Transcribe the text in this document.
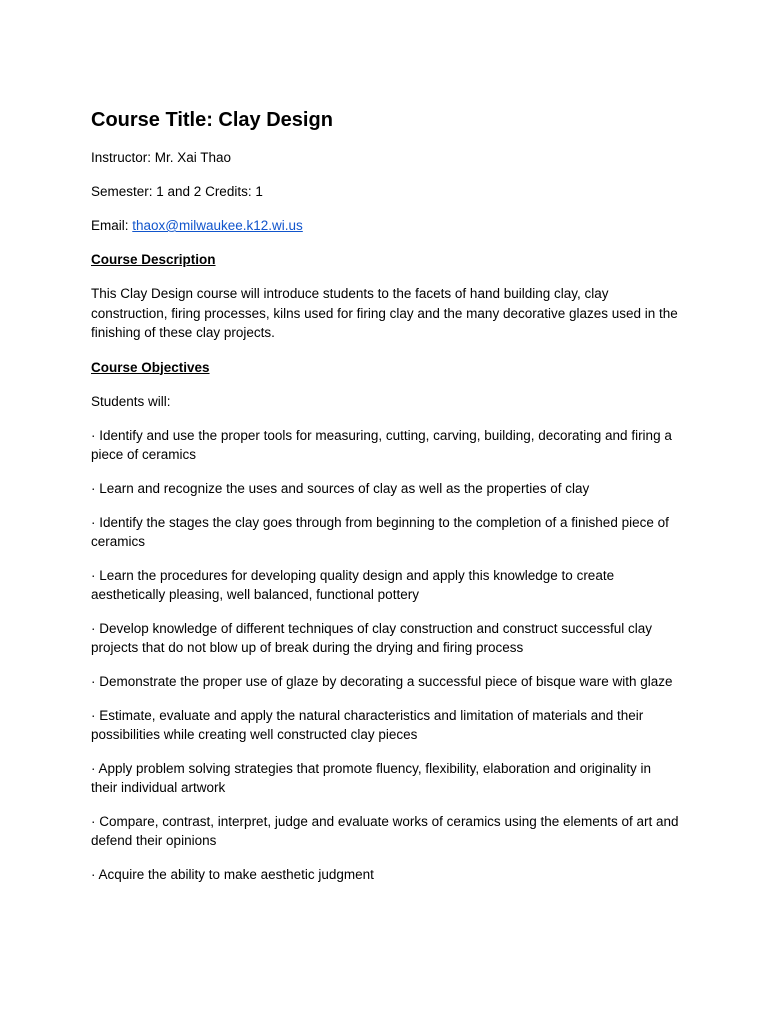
Course Title: Clay Design
Instructor: Mr. Xai Thao
Semester: 1 and 2 Credits: 1
Email: thaox@milwaukee.k12.wi.us
Course Description
This Clay Design course will introduce students to the facets of hand building clay, clay construction, firing processes, kilns used for firing clay and the many decorative glazes used in the finishing of these clay projects.
Course Objectives
Students will:
· Identify and use the proper tools for measuring, cutting, carving, building, decorating and firing a piece of ceramics
· Learn and recognize the uses and sources of clay as well as the properties of clay
· Identify the stages the clay goes through from beginning to the completion of a finished piece of ceramics
· Learn the procedures for developing quality design and apply this knowledge to create aesthetically pleasing, well balanced, functional pottery
· Develop knowledge of different techniques of clay construction and construct successful clay projects that do not blow up of break during the drying and firing process
· Demonstrate the proper use of glaze by decorating a successful piece of bisque ware with glaze
· Estimate, evaluate and apply the natural characteristics and limitation of materials and their possibilities while creating well constructed clay pieces
· Apply problem solving strategies that promote fluency, flexibility, elaboration and originality in their individual artwork
· Compare, contrast, interpret, judge and evaluate works of ceramics using the elements of art and defend their opinions
· Acquire the ability to make aesthetic judgment
